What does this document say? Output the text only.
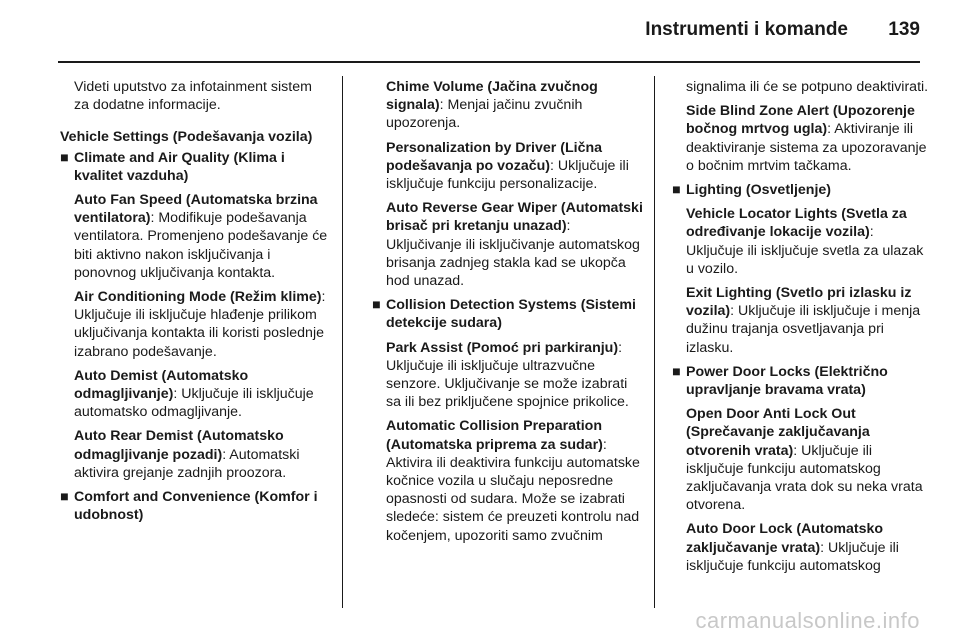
Instrumenti i komande 139

Videti uputstvo za infotainment sistem za dodatne informacije.

Vehicle Settings (Podešavanja vozila)

■ Climate and Air Quality (Klima i kvalitet vazduha)

Auto Fan Speed (Automatska brzina ventilatora): Modifikuje podešavanja ventilatora. Promenjeno podešavanje će biti aktivno nakon isključivanja i ponovnog uključivanja kontakta.

Air Conditioning Mode (Režim klime): Uključuje ili isključuje hlađenje prilikom uključivanja kontakta ili koristi poslednje izabrano podešavanje.

Auto Demist (Automatsko odmagljivanje): Uključuje ili isključuje automatsko odmagljivanje.

Auto Rear Demist (Automatsko odmagljivanje pozadi): Automatski aktivira grejanje zadnjih proozora.

■ Comfort and Convenience (Komfor i udobnost)

Chime Volume (Jačina zvučnog signala): Menjai jačinu zvučnih upozorenja.

Personalization by Driver (Lična podešavanja po vozaču): Uključuje ili isključuje funkciju personalizacije.

Auto Reverse Gear Wiper (Automatski brisač pri kretanju unazad): Uključivanje ili isključivanje automatskog brisanja zadnjeg stakla kad se ukopča hod unazad.

■ Collision Detection Systems (Sistemi detekcije sudara)

Park Assist (Pomoć pri parkiranju): Uključuje ili isključuje ultrazvučne senzore. Uključivanje se može izabrati sa ili bez priključene spojnice prikolice.

Automatic Collision Preparation (Automatska priprema za sudar): Aktivira ili deaktivira funkciju automatske kočnice vozila u slučaju neposredne opasnosti od sudara. Može se izabrati sledeće: sistem će preuzeti kontrolu nad kočenjem, upozoriti samo zvučnim

signalima ili će se potpuno deaktivirati.

Side Blind Zone Alert (Upozorenje bočnog mrtvog ugla): Aktiviranje ili deaktiviranje sistema za upozoravanje o bočnim mrtvim tačkama.

■ Lighting (Osvetljenje)

Vehicle Locator Lights (Svetla za određivanje lokacije vozila): Uključuje ili isključuje svetla za ulazak u vozilo.

Exit Lighting (Svetlo pri izlasku iz vozila): Uključuje ili isključuje i menja dužinu trajanja osvetljavanja pri izlasku.

■ Power Door Locks (Električno upravljanje bravama vrata)

Open Door Anti Lock Out (Sprečavanje zaključavanja otvorenih vrata): Uključuje ili isključuje funkciju automatskog zaključavanja vrata dok su neka vrata otvorena.

Auto Door Lock (Automatsko zaključavanje vrata): Uključuje ili isključuje funkciju automatskog

carmanualsonline.info
